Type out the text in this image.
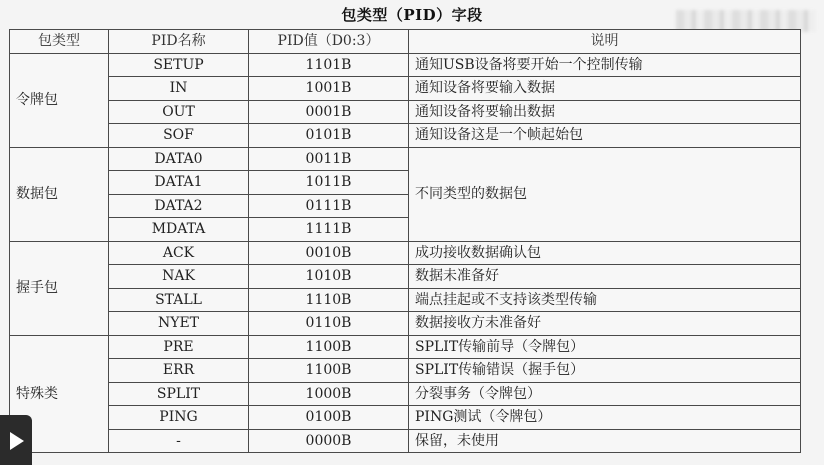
包类型（PID）字段
包类型	PID名称	PID值（D0:3）	说明
令牌包	SETUP	1101B	通知USB设备将要开始一个控制传输
	IN	1001B	通知设备将要输入数据
	OUT	0001B	通知设备将要输出数据
	SOF	0101B	通知设备这是一个帧起始包
数据包	DATA0	0011B	不同类型的数据包
	DATA1	1011B	
	DATA2	0111B	
	MDATA	1111B	
握手包	ACK	0010B	成功接收数据确认包
	NAK	1010B	数据未准备好
	STALL	1110B	端点挂起或不支持该类型传输
	NYET	0110B	数据接收方未准备好
特殊类	PRE	1100B	SPLIT传输前导（令牌包）
	ERR	1100B	SPLIT传输错误（握手包）
	SPLIT	1000B	分裂事务（令牌包）
	PING	0100B	PING测试（令牌包）
	-	0000B	保留，未使用
